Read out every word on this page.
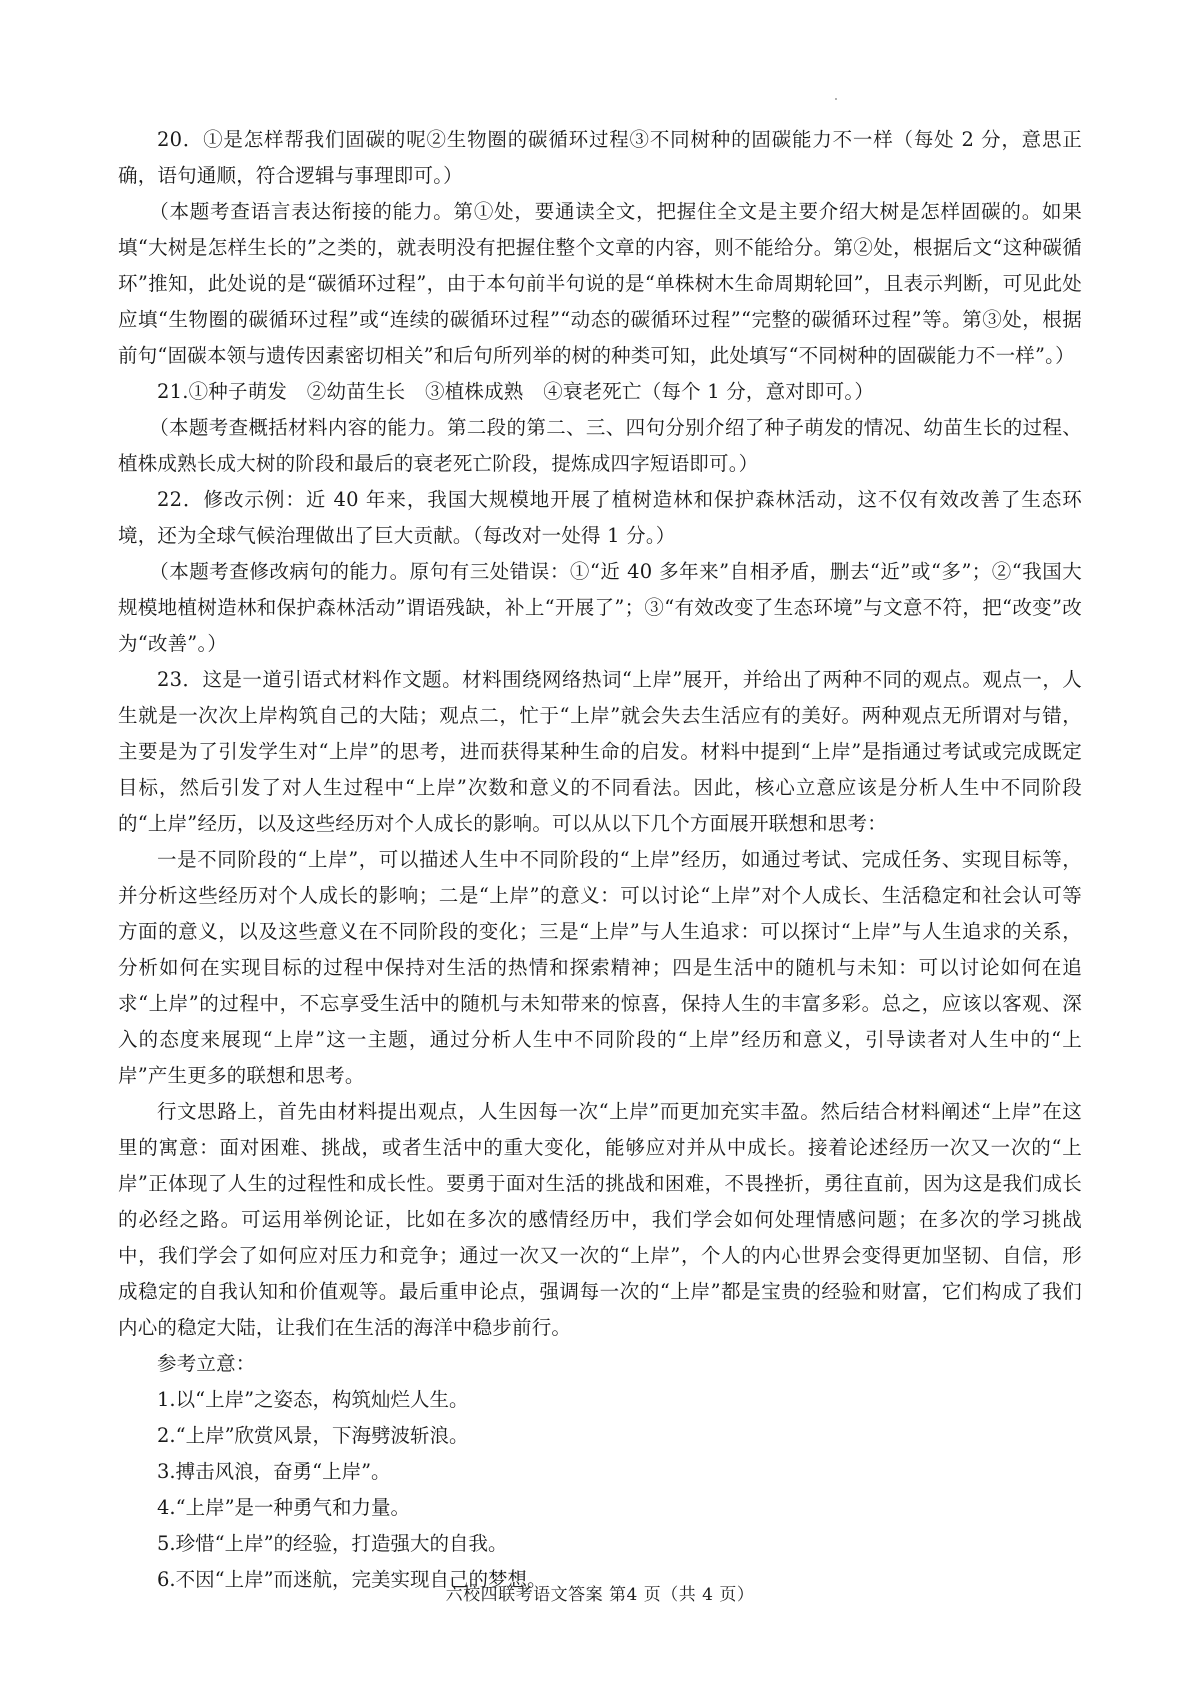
20．①是怎样帮我们固碳的呢②生物圈的碳循环过程③不同树种的固碳能力不一样（每处 2 分，意思正确，语句通顺，符合逻辑与事理即可。）

（本题考查语言表达衔接的能力。第①处，要通读全文，把握住全文是主要介绍大树是怎样固碳的。如果填“大树是怎样生长的”之类的，就表明没有把握住整个文章的内容，则不能给分。第②处，根据后文“这种碳循环”推知，此处说的是“碳循环过程”，由于本句前半句说的是“单株树木生命周期轮回”，且表示判断，可见此处应填“生物圈的碳循环过程”或“连续的碳循环过程”“动态的碳循环过程”“完整的碳循环过程”等。第③处，根据前句“固碳本领与遗传因素密切相关”和后句所列举的树的种类可知，此处填写“不同树种的固碳能力不一样”。）

21.①种子萌发　②幼苗生长　③植株成熟　④衰老死亡（每个 1 分，意对即可。）

（本题考查概括材料内容的能力。第二段的第二、三、四句分别介绍了种子萌发的情况、幼苗生长的过程、植株成熟长成大树的阶段和最后的衰老死亡阶段，提炼成四字短语即可。）

22．修改示例：近 40 年来，我国大规模地开展了植树造林和保护森林活动，这不仅有效改善了生态环境，还为全球气候治理做出了巨大贡献。（每改对一处得 1 分。）

（本题考查修改病句的能力。原句有三处错误：①“近 40 多年来”自相矛盾，删去“近”或“多”；②“我国大规模地植树造林和保护森林活动”谓语残缺，补上“开展了”；③“有效改变了生态环境”与文意不符，把“改变”改为“改善”。）

23．这是一道引语式材料作文题。材料围绕网络热词“上岸”展开，并给出了两种不同的观点。观点一，人生就是一次次上岸构筑自己的大陆；观点二，忙于“上岸”就会失去生活应有的美好。两种观点无所谓对与错，主要是为了引发学生对“上岸”的思考，进而获得某种生命的启发。材料中提到“上岸”是指通过考试或完成既定目标，然后引发了对人生过程中“上岸”次数和意义的不同看法。因此，核心立意应该是分析人生中不同阶段的“上岸”经历，以及这些经历对个人成长的影响。可以从以下几个方面展开联想和思考：

一是不同阶段的“上岸”，可以描述人生中不同阶段的“上岸”经历，如通过考试、完成任务、实现目标等，并分析这些经历对个人成长的影响；二是“上岸”的意义：可以讨论“上岸”对个人成长、生活稳定和社会认可等方面的意义，以及这些意义在不同阶段的变化；三是“上岸”与人生追求：可以探讨“上岸”与人生追求的关系，分析如何在实现目标的过程中保持对生活的热情和探索精神；四是生活中的随机与未知：可以讨论如何在追求“上岸”的过程中，不忘享受生活中的随机与未知带来的惊喜，保持人生的丰富多彩。总之，应该以客观、深入的态度来展现“上岸”这一主题，通过分析人生中不同阶段的“上岸”经历和意义，引导读者对人生中的“上岸”产生更多的联想和思考。

行文思路上，首先由材料提出观点，人生因每一次“上岸”而更加充实丰盈。然后结合材料阐述“上岸”在这里的寓意：面对困难、挑战，或者生活中的重大变化，能够应对并从中成长。接着论述经历一次又一次的“上岸”正体现了人生的过程性和成长性。要勇于面对生活的挑战和困难，不畏挫折，勇往直前，因为这是我们成长的必经之路。可运用举例论证，比如在多次的感情经历中，我们学会如何处理情感问题；在多次的学习挑战中，我们学会了如何应对压力和竞争；通过一次又一次的“上岸”，个人的内心世界会变得更加坚韧、自信，形成稳定的自我认知和价值观等。最后重申论点，强调每一次的“上岸”都是宝贵的经验和财富，它们构成了我们内心的稳定大陆，让我们在生活的海洋中稳步前行。

参考立意：

1.以“上岸”之姿态，构筑灿烂人生。

2.“上岸”欣赏风景，下海劈波斩浪。

3.搏击风浪，奋勇“上岸”。

4.“上岸”是一种勇气和力量。

5.珍惜“上岸”的经验，打造强大的自我。

6.不因“上岸”而迷航，完美实现自己的梦想。

六校四联考语文答案 第4 页（共 4 页）
